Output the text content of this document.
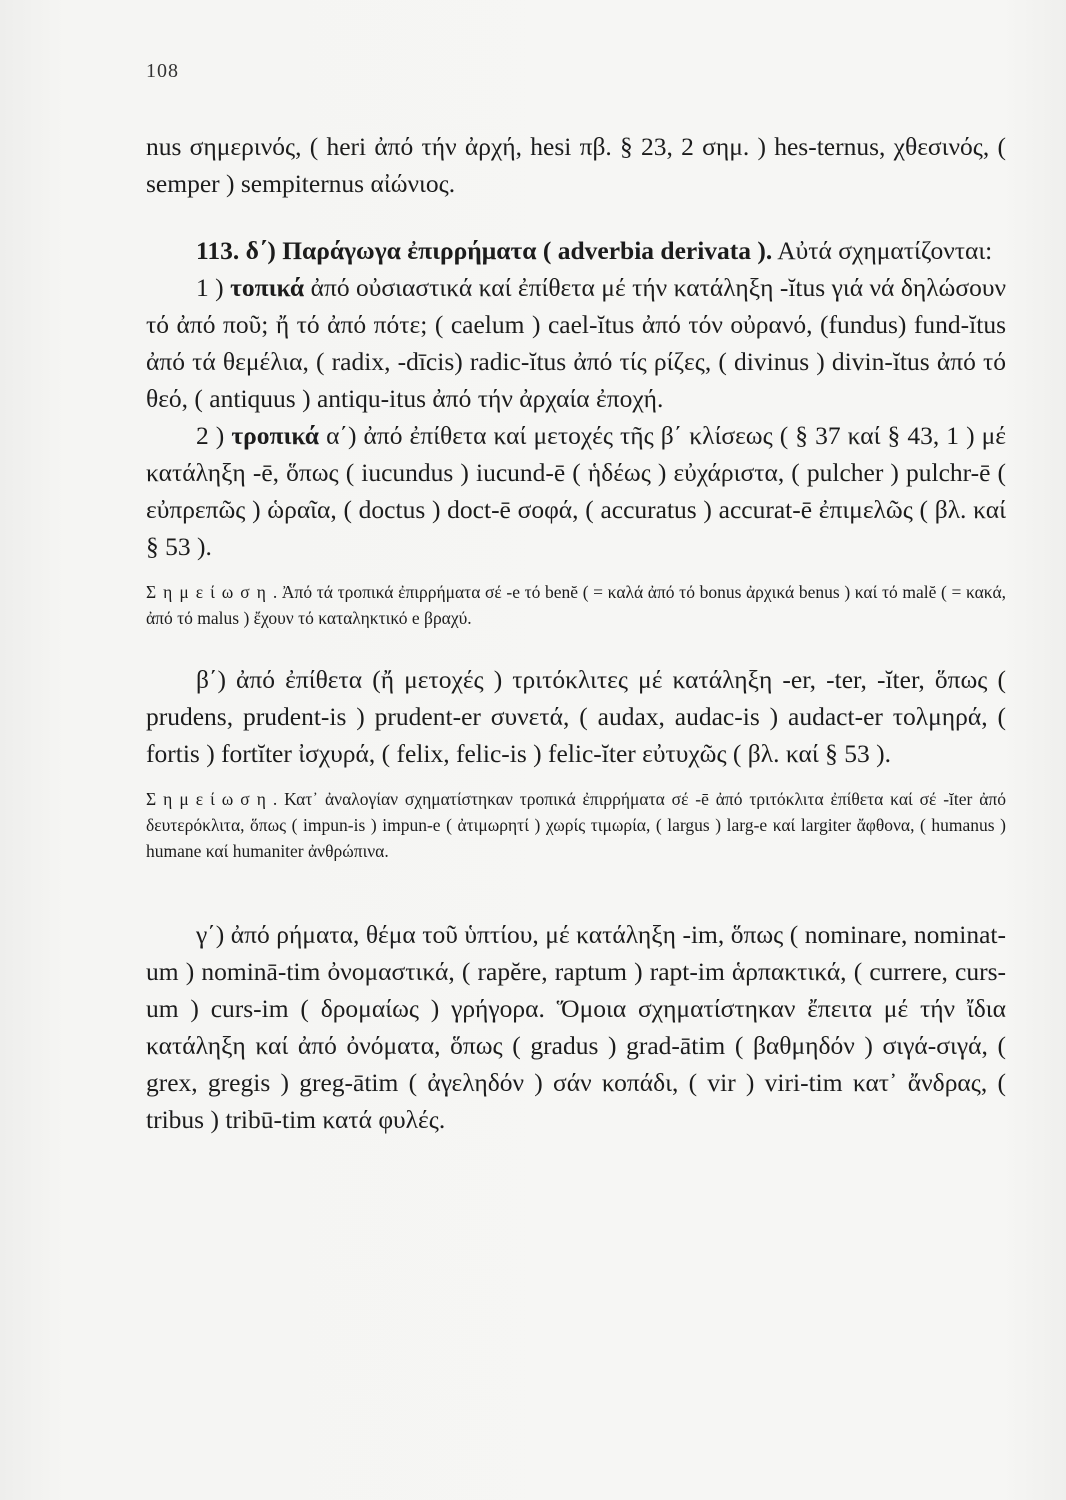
108

nus σημερινός, ( heri ἀπό τήν ἀρχή, hesi πβ. § 23, 2 σημ. ) hes-ternus, χθεσινός, ( semper ) sempiternus αἰώνιος.

113. δ΄) Παράγωγα ἐπιρρήματα ( adverbia derivata ). Αὐτά σχηματίζονται:

1 ) τοπικά ἀπό οὐσιαστικά καί ἐπίθετα μέ τήν κατάληξη -ĭtus γιά νά δηλώσουν τό ἀπό ποῦ; ἤ τό ἀπό πότε; ( caelum ) cael-ĭtus ἀπό τόν οὐρανό, (fundus) fund-ĭtus ἀπό τά θεμέλια, ( radix, -dīcis) radic-ĭtus ἀπό τίς ρίζες, ( divinus ) divin-ĭtus ἀπό τό θεό, ( antiquus ) antiqu-itus ἀπό τήν ἀρχαία ἐποχή.

2 ) τροπικά α΄) ἀπό ἐπίθετα καί μετοχές τῆς β΄ κλίσεως ( § 37 καί § 43, 1 ) μέ κατάληξη -ē, ὅπως ( iucundus ) iucund-ē ( ἡδέως ) εὐχάριστα, ( pulcher ) pulchr-ē ( εὐπρεπῶς ) ὡραῖα, ( doctus ) doct-ē σοφά, ( accuratus ) accurat-ē ἐπιμελῶς ( βλ. καί § 53 ).

Σημείωση. Ἀπό τά τροπικά ἐπιρρήματα σέ -e τό benĕ ( = καλά ἀπό τό bonus ἀρχικά benus ) καί τό malĕ ( = κακά, ἀπό τό malus ) ἔχουν τό καταληκτικό e βραχύ.

β΄) ἀπό ἐπίθετα (ἤ μετοχές ) τριτόκλιτες μέ κατάληξη -er, -ter, -ĭter, ὅπως ( prudens, prudent-is ) prudent-er συνετά, ( audax, audac-is ) audact-er τολμηρά, ( fortis ) fortĭter ἰσχυρά, ( felix, felic-is ) felic-ĭter εὐτυχῶς ( βλ. καί § 53 ).

Σημείωση. Κατ᾽ ἀναλογίαν σχηματίστηκαν τροπικά ἐπιρρήματα σέ -ē ἀπό τριτόκλιτα ἐπίθετα καί σέ -ĭter ἀπό δευτερόκλιτα, ὅπως ( impun-is ) impun-e ( ἀτιμωρητί ) χωρίς τιμωρία, ( largus ) larg-e καί largiter ἄφθονα, ( humanus ) humane καί humaniter ἀνθρώπινα.

γ΄) ἀπό ρήματα, θέμα τοῦ ὑπτίου, μέ κατάληξη -im, ὅπως ( nominare, nominat-um ) nominā-tim ὀνομαστικά, ( rapĕre, raptum ) rapt-im ἁρπακτικά, ( currere, curs-um ) curs-im ( δρομαίως ) γρήγορα. Ὅμοια σχηματίστηκαν ἔπειτα μέ τήν ἴδια κατάληξη καί ἀπό ὀνόματα, ὅπως ( gradus ) grad-ātim ( βαθμηδόν ) σιγά-σιγά, ( grex, gregis ) greg-ātim ( ἀγεληδόν ) σάν κοπάδι, ( vir ) viri-tim κατ᾽ ἄνδρας, ( tribus ) tribū-tim κατά φυλές.
